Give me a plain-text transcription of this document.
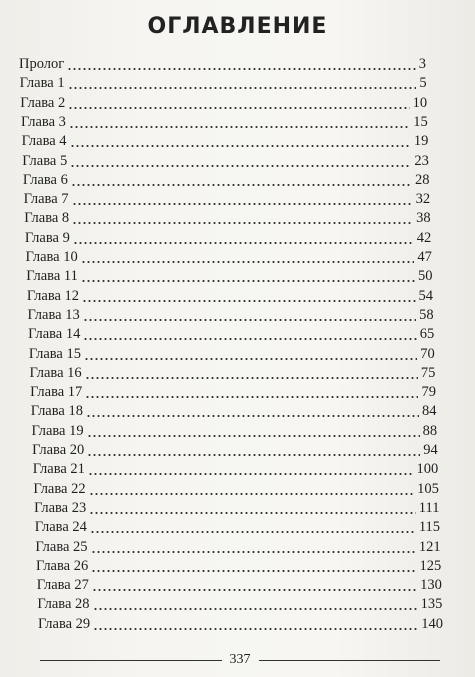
ОГЛАВЛЕНИЕ
Пролог	3
Глава 1	5
Глава 2	10
Глава 3	15
Глава 4	19
Глава 5	23
Глава 6	28
Глава 7	32
Глава 8	38
Глава 9	42
Глава 10	47
Глава 11	50
Глава 12	54
Глава 13	58
Глава 14	65
Глава 15	70
Глава 16	75
Глава 17	79
Глава 18	84
Глава 19	88
Глава 20	94
Глава 21	100
Глава 22	105
Глава 23	111
Глава 24	115
Глава 25	121
Глава 26	125
Глава 27	130
Глава 28	135
Глава 29	140
337
